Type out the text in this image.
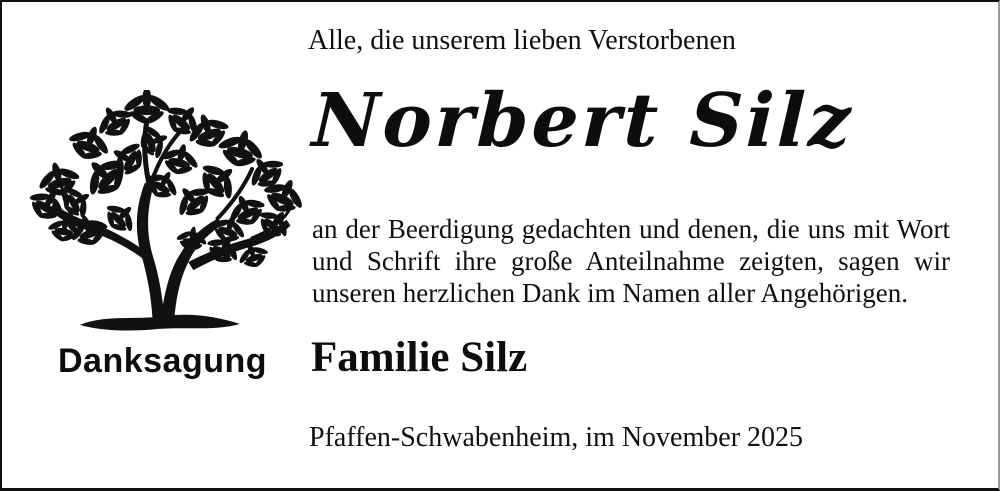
Alle, die unserem lieben Verstorbenen
Norbert Silz
an der Beerdigung gedachten und denen, die uns mit Wort und Schrift ihre große Anteilnahme zeigten, sagen wir unseren herzlichen Dank im Namen aller Angehörigen.
Danksagung Familie Silz
Pfaffen-Schwabenheim, im November 2025
